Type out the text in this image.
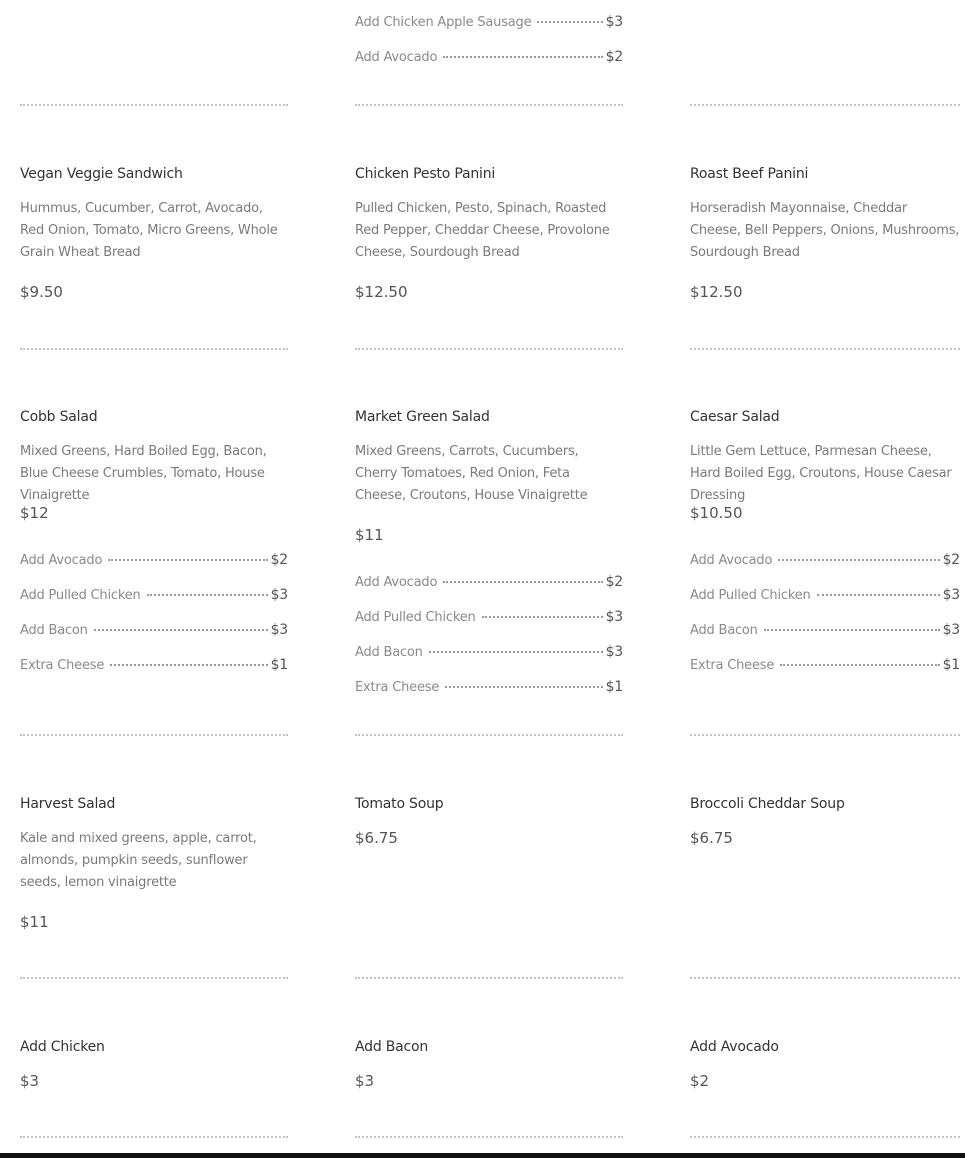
Vegan Veggie Sandwich
Hummus, Cucumber, Carrot, Avocado, Red Onion, Tomato, Micro Greens, Whole Grain Wheat Bread
$9.50
Cobb Salad
Mixed Greens, Hard Boiled Egg, Bacon, Blue Cheese Crumbles, Tomato, House Vinaigrette
$12
Add Avocado	$2
Add Pulled Chicken	$3
Add Bacon	$3
Extra Cheese	$1
Harvest Salad
Kale and mixed greens, apple, carrot, almonds, pumpkin seeds, sunflower seeds, lemon vinaigrette
$11
Add Chicken
$3
Add Chicken Apple Sausage	$3
Add Avocado	$2
Chicken Pesto Panini
Pulled Chicken, Pesto, Spinach, Roasted Red Pepper, Cheddar Cheese, Provolone Cheese, Sourdough Bread
$12.50
Market Green Salad
Mixed Greens, Carrots, Cucumbers, Cherry Tomatoes, Red Onion, Feta Cheese, Croutons, House Vinaigrette
$11
Add Avocado	$2
Add Pulled Chicken	$3
Add Bacon	$3
Extra Cheese	$1
Tomato Soup
$6.75
Add Bacon
$3
Roast Beef Panini
Horseradish Mayonnaise, Cheddar Cheese, Bell Peppers, Onions, Mushrooms, Sourdough Bread
$12.50
Caesar Salad
Little Gem Lettuce, Parmesan Cheese, Hard Boiled Egg, Croutons, House Caesar Dressing
$10.50
Add Avocado	$2
Add Pulled Chicken	$3
Add Bacon	$3
Extra Cheese	$1
Broccoli Cheddar Soup
$6.75
Add Avocado
$2
